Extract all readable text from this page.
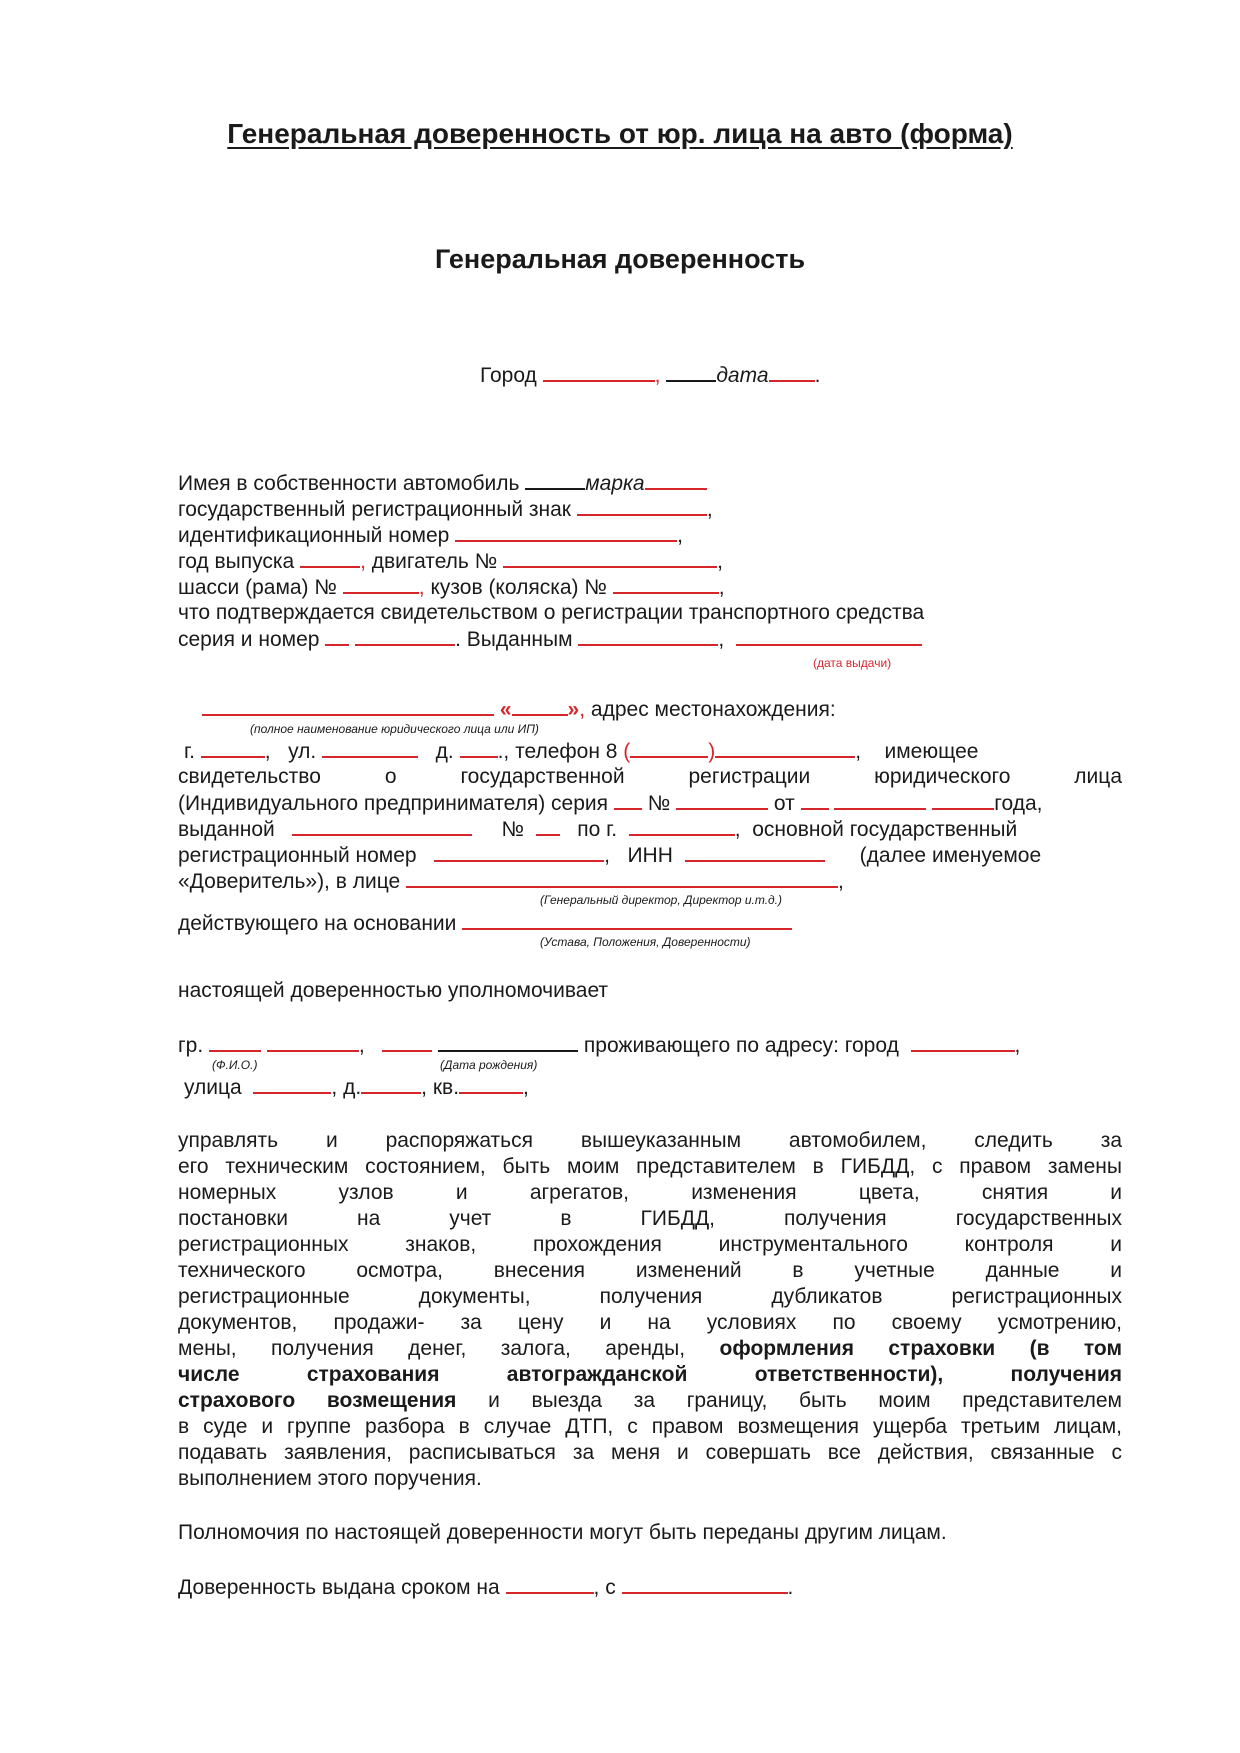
Генеральная доверенность от юр. лица на авто (форма)
Генеральная доверенность
Город	,	дата .
Имея в собственности автомобиль	марка
государственный регистрационный знак	,
идентификационный номер	,
год выпуска	, двигатель №	,
шасси (рама) №	, кузов (коляска) №	,
что подтверждается свидетельством о регистрации транспортного средства
серия и номер	. Выданным	,
(дата выдачи)
«	», адрес местонахождения:
(полное наименование юридического лица или ИП)
г.	,   ул.	д. ., телефон 8 (	)	,    имеющее
свидетельство о государственной регистрации юридического лица
(Индивидуального предпринимателя) серия №	от	года,
выданной	№	по г.	,  основной государственный
регистрационный номер	,   ИНН	(далее именуемое
«Доверитель»), в лице	,
(Генеральный директор, Директор и.т.д.)
действующего на основании
(Устава, Положения, Доверенности)
настоящей доверенностью уполномочивает
гр.	,	проживающего по адресу: город	,
(Ф.И.О.)	(Дата рождения)
улица	, д.	, кв.	,
управлять и распоряжаться вышеуказанным автомобилем, следить за
его техническим состоянием, быть моим представителем в ГИБДД, с правом замены
номерных узлов и агрегатов, изменения цвета, снятия и
постановки на учет в ГИБДД, получения государственных
регистрационных знаков, прохождения инструментального контроля и
технического осмотра, внесения изменений в учетные данные и
регистрационные документы, получения дубликатов регистрационных
документов, продажи- за цену и на условиях по своему усмотрению,
мены, получения денег, залога, аренды, оформления страховки (в том
числе страхования автогражданской ответственности), получения
страхового возмещения и выезда за границу, быть моим представителем
в суде и группе разбора в случае ДТП, с правом возмещения ущерба третьим лицам,
подавать заявления, расписываться за меня и совершать все действия, связанные с
выполнением этого поручения.
Полномочия по настоящей доверенности могут быть переданы другим лицам.
Доверенность выдана сроком на	, с	.
